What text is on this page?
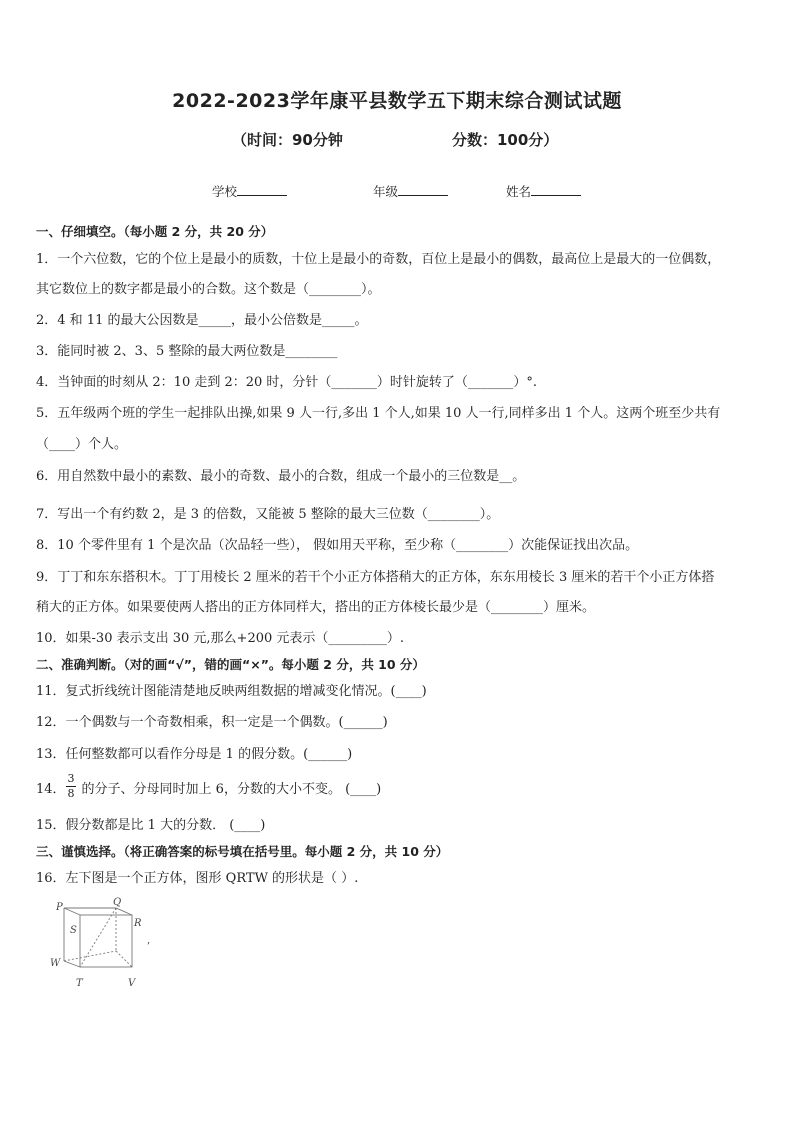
2022-2023学年康平县数学五下期末综合测试试题
（时间：90分钟	分数：100分）
学校	年级	姓名
一、仔细填空。（每小题 2 分，共 20 分）
1．一个六位数，它的个位上是最小的质数，十位上是最小的奇数，百位上是最小的偶数，最高位上是最大的一位偶数，
其它数位上的数字都是最小的合数。这个数是（________）。
2．4 和 11 的最大公因数是_____，最小公倍数是_____。
3．能同时被 2、3、5 整除的最大两位数是________
4．当钟面的时刻从 2：10 走到 2：20 时，分针（_______）时针旋转了（_______）°.
5．五年级两个班的学生一起排队出操,如果 9 人一行,多出 1 个人,如果 10 人一行,同样多出 1 个人。这两个班至少共有
（____）个人。
6．用自然数中最小的素数、最小的奇数、最小的合数，组成一个最小的三位数是__。
7．写出一个有约数 2，是 3 的倍数，又能被 5 整除的最大三位数（________）。
8．10 个零件里有 1 个是次品（次品轻一些）， 假如用天平称，至少称（________）次能保证找出次品。
9．丁丁和东东搭积木。丁丁用棱长 2 厘米的若干个小正方体搭稍大的正方体，东东用棱长 3 厘米的若干个小正方体搭
稍大的正方体。如果要使两人搭出的正方体同样大，搭出的正方体棱长最少是（________）厘米。
10．如果-30 表示支出 30 元,那么+200 元表示（_________）.
二、准确判断。（对的画“√”，错的画“×”。每小题 2 分，共 10 分）
11．复式折线统计图能清楚地反映两组数据的增减变化情况。(____)
12．一个偶数与一个奇数相乘，积一定是一个偶数。(______)
13．任何整数都可以看作分母是 1 的假分数。(______)
14． 的分子、分母同时加上 6，分数的大小不变。 (____)
3
8
15．假分数都是比 1 大的分数． (____)
三、谨慎选择。（将正确答案的标号填在括号里。每小题 2 分，共 10 分）
16．左下图是一个正方体，图形 QRTW 的形状是（ ）.
P	Q
R
S
W
T	V
,
